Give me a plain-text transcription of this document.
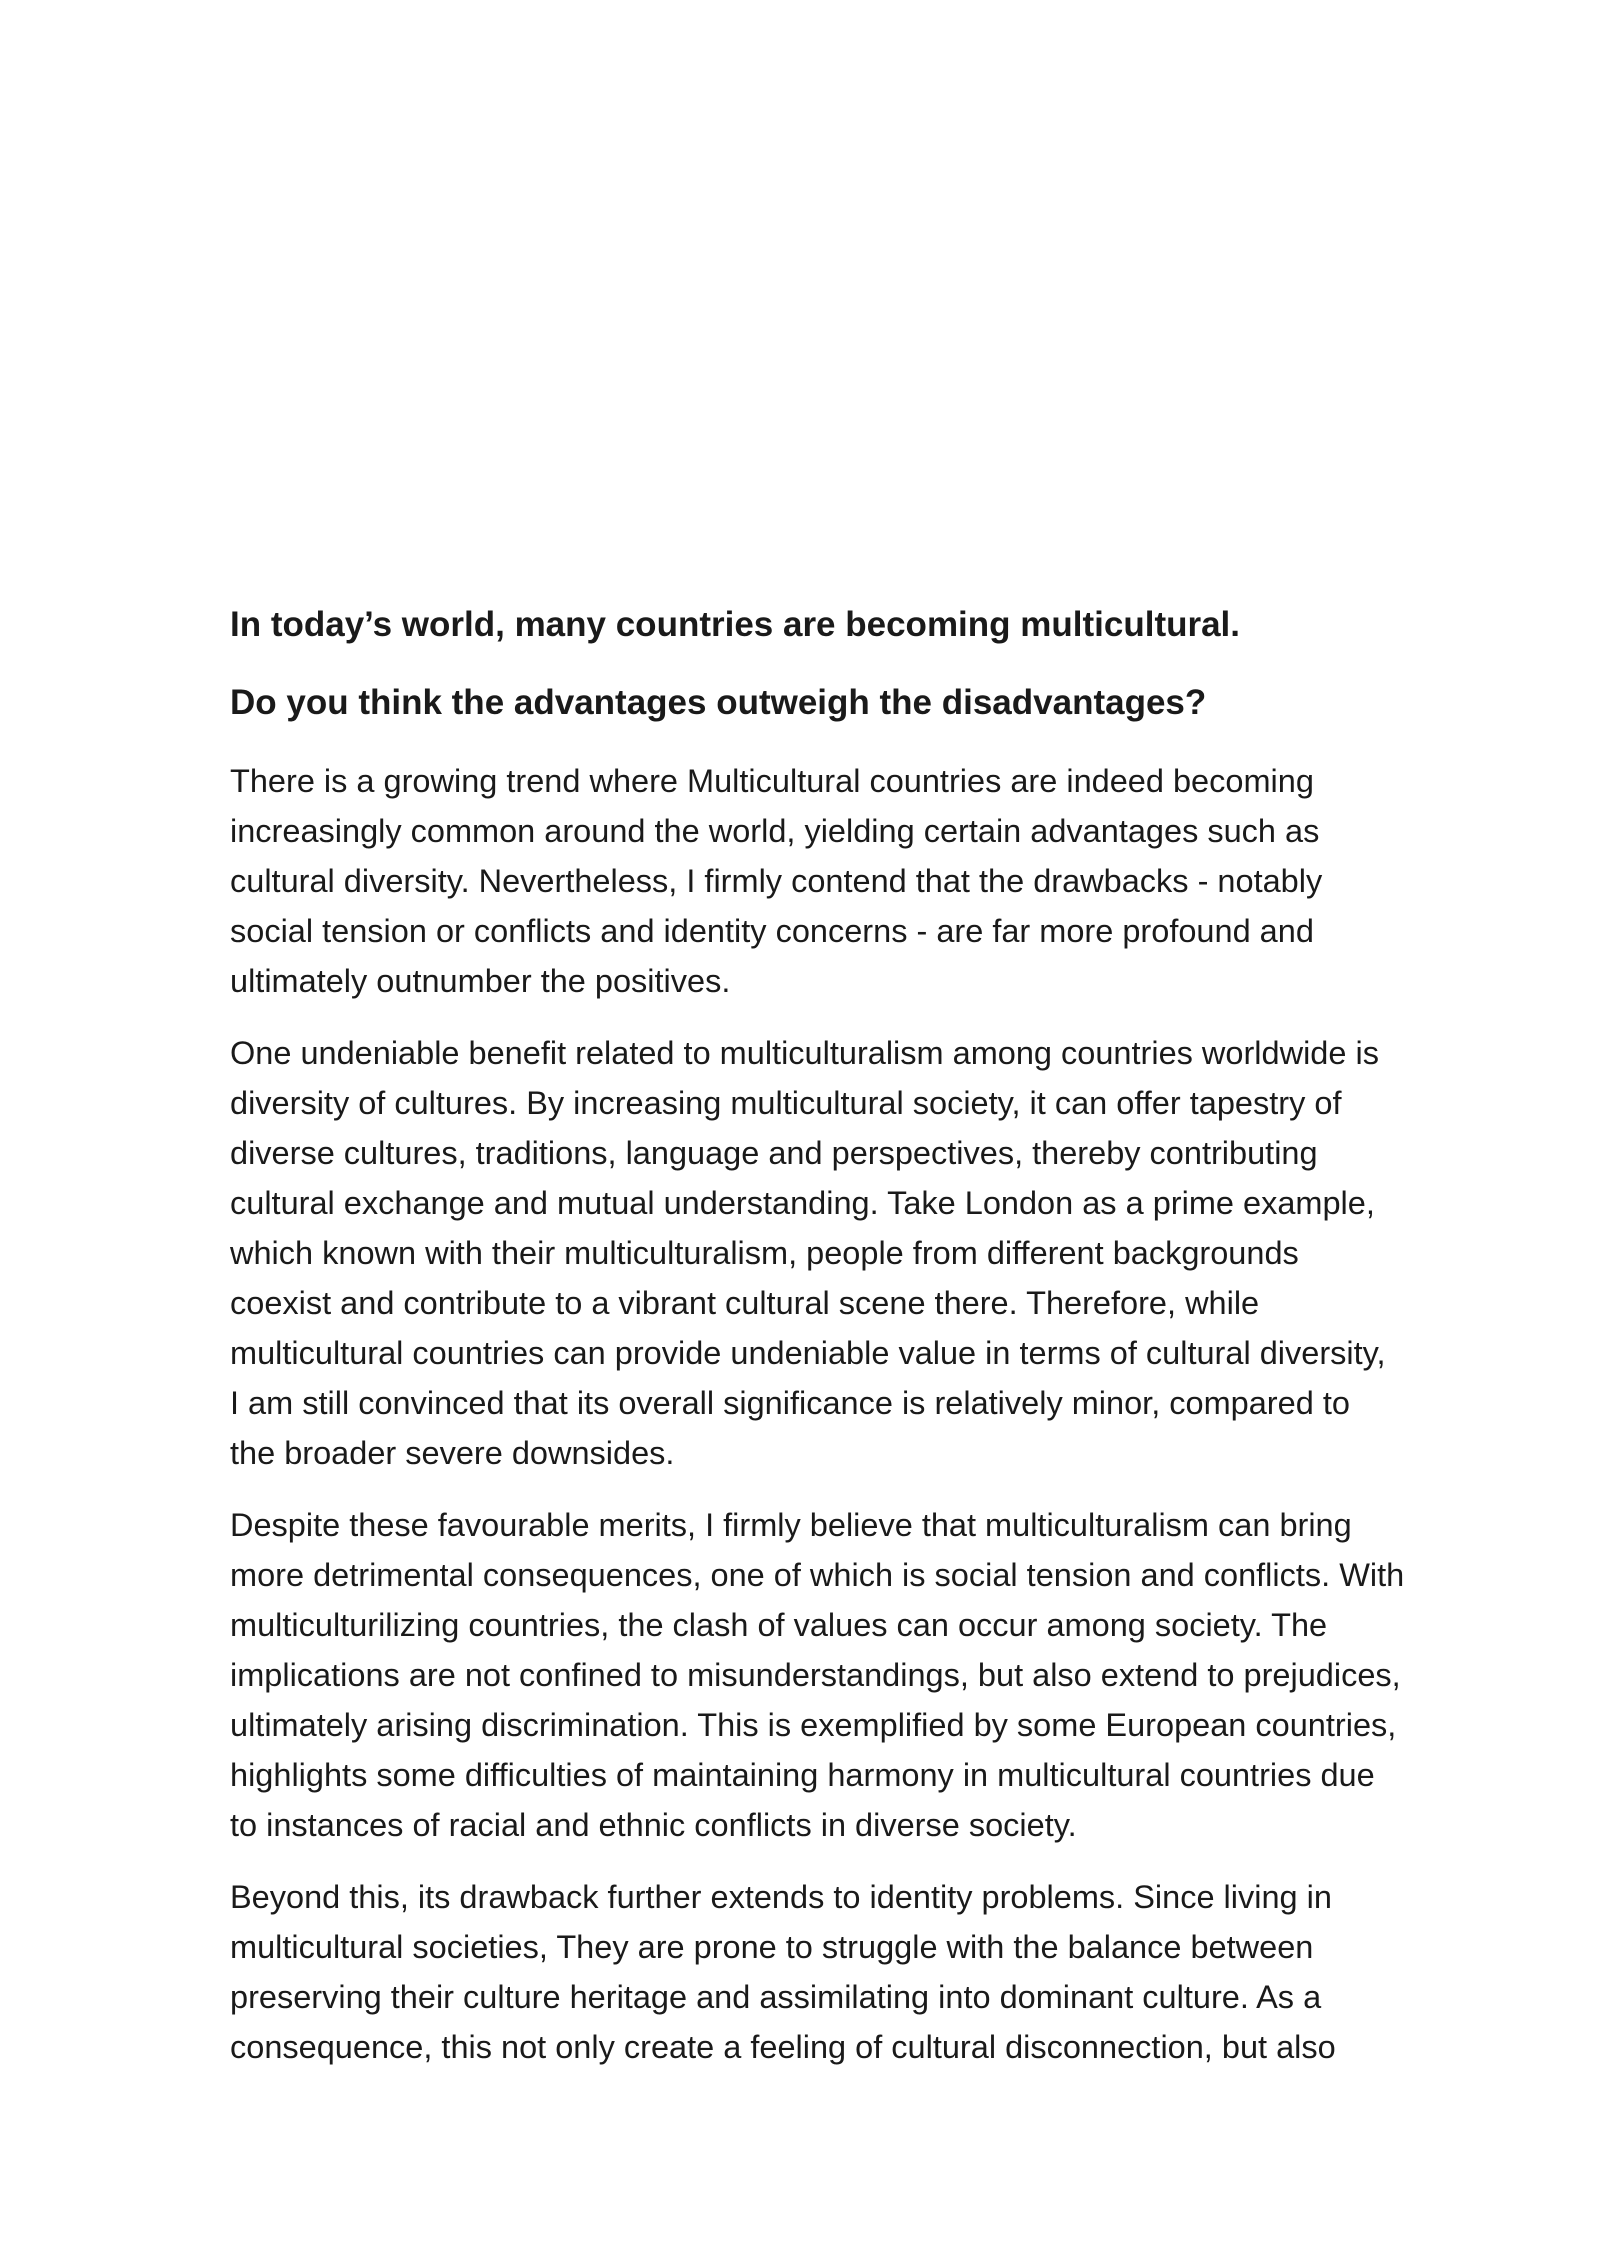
In today’s world, many countries are becoming multicultural.
Do you think the advantages outweigh the disadvantages?
There is a growing trend where Multicultural countries are indeed becoming
increasingly common around the world, yielding certain advantages such as
cultural diversity. Nevertheless, I firmly contend that the drawbacks - notably
social tension or conflicts and identity concerns - are far more profound and
ultimately outnumber the positives.
One undeniable benefit related to multiculturalism among countries worldwide is
diversity of cultures. By increasing multicultural society, it can offer tapestry of
diverse cultures, traditions, language and perspectives, thereby contributing
cultural exchange and mutual understanding. Take London as a prime example,
which known with their multiculturalism, people from different backgrounds
coexist and contribute to a vibrant cultural scene there. Therefore, while
multicultural countries can provide undeniable value in terms of cultural diversity,
I am still convinced that its overall significance is relatively minor, compared to
the broader severe downsides.
Despite these favourable merits, I firmly believe that multiculturalism can bring
more detrimental consequences, one of which is social tension and conflicts. With
multiculturilizing countries, the clash of values can occur among society. The
implications are not confined to misunderstandings, but also extend to prejudices,
ultimately arising discrimination. This is exemplified by some European countries,
highlights some difficulties of maintaining harmony in multicultural countries due
to instances of racial and ethnic conflicts in diverse society.
Beyond this, its drawback further extends to identity problems. Since living in
multicultural societies, They are prone to struggle with the balance between
preserving their culture heritage and assimilating into dominant culture. As a
consequence, this not only create a feeling of cultural disconnection, but also
